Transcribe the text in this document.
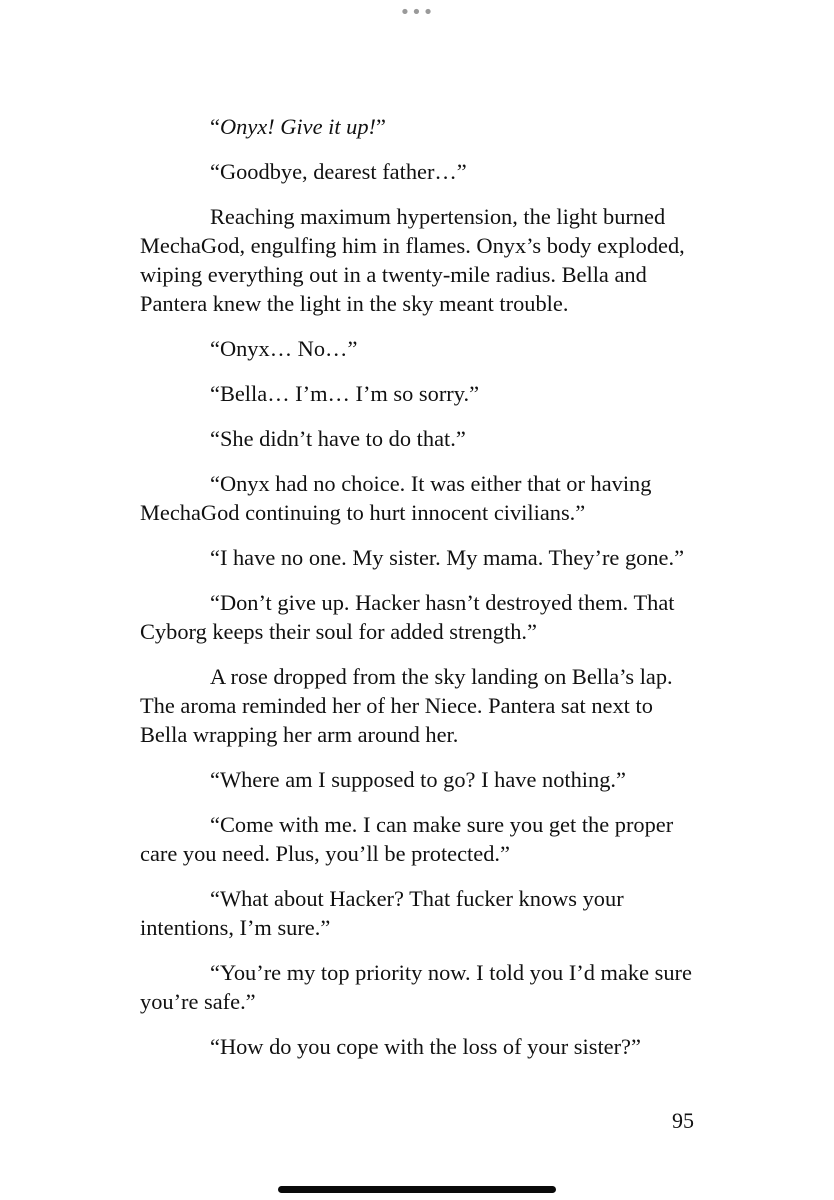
•••

“Onyx! Give it up!”

“Goodbye, dearest father…”

Reaching maximum hypertension, the light burned MechaGod, engulfing him in flames. Onyx’s body exploded, wiping everything out in a twenty-mile radius. Bella and Pantera knew the light in the sky meant trouble.

“Onyx… No…”

“Bella… I’m… I’m so sorry.”

“She didn’t have to do that.”

“Onyx had no choice. It was either that or having MechaGod continuing to hurt innocent civilians.”

“I have no one. My sister. My mama. They’re gone.”

“Don’t give up. Hacker hasn’t destroyed them. That Cyborg keeps their soul for added strength.”

A rose dropped from the sky landing on Bella’s lap. The aroma reminded her of her Niece. Pantera sat next to Bella wrapping her arm around her.

“Where am I supposed to go? I have nothing.”

“Come with me. I can make sure you get the proper care you need. Plus, you’ll be protected.”

“What about Hacker? That fucker knows your intentions, I’m sure.”

“You’re my top priority now. I told you I’d make sure you’re safe.”

“How do you cope with the loss of your sister?”

95
